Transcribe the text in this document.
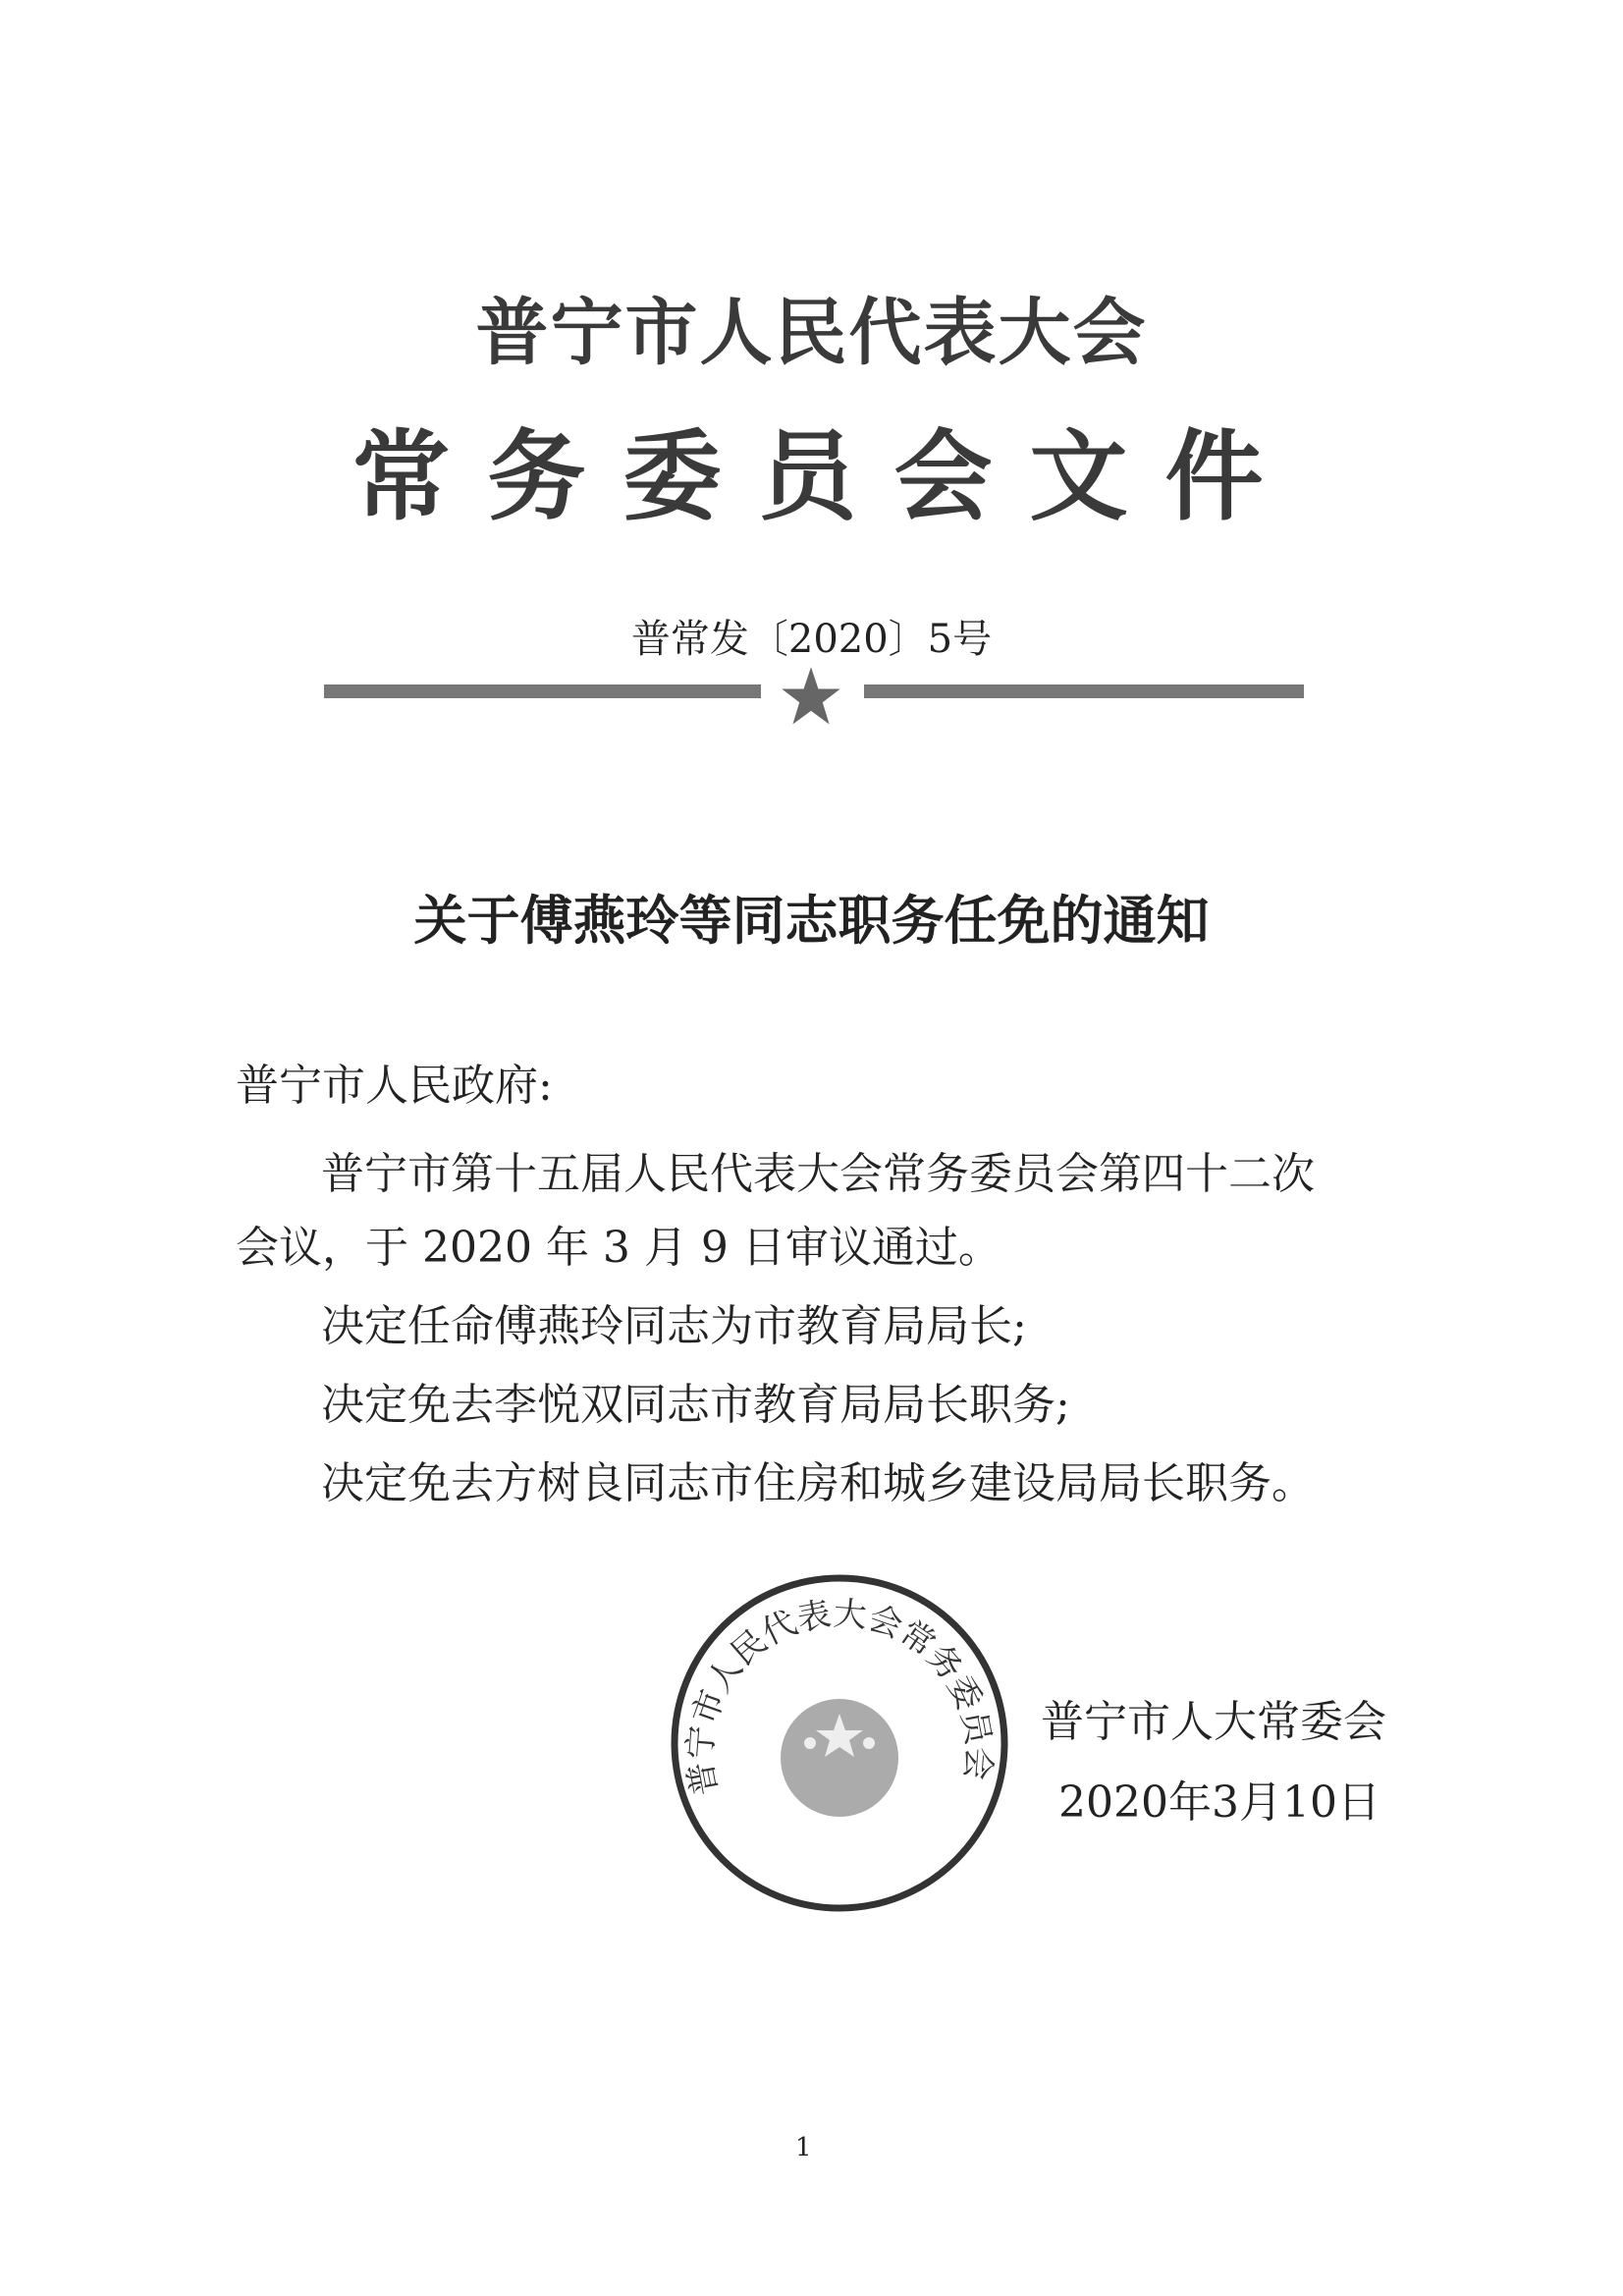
普宁市人民代表大会
常务委员会文件
普常发〔2020〕5号
关于傅燕玲等同志职务任免的通知
普宁市人民政府:
普宁市第十五届人民代表大会常务委员会第四十二次
会议，于 2020 年 3 月 9 日审议通过。
决定任命傅燕玲同志为市教育局局长;
决定免去李悦双同志市教育局局长职务;
决定免去方树良同志市住房和城乡建设局局长职务。
普宁市人民代表大会常务委员会
普宁市人大常委会
2020年3月10日
1
